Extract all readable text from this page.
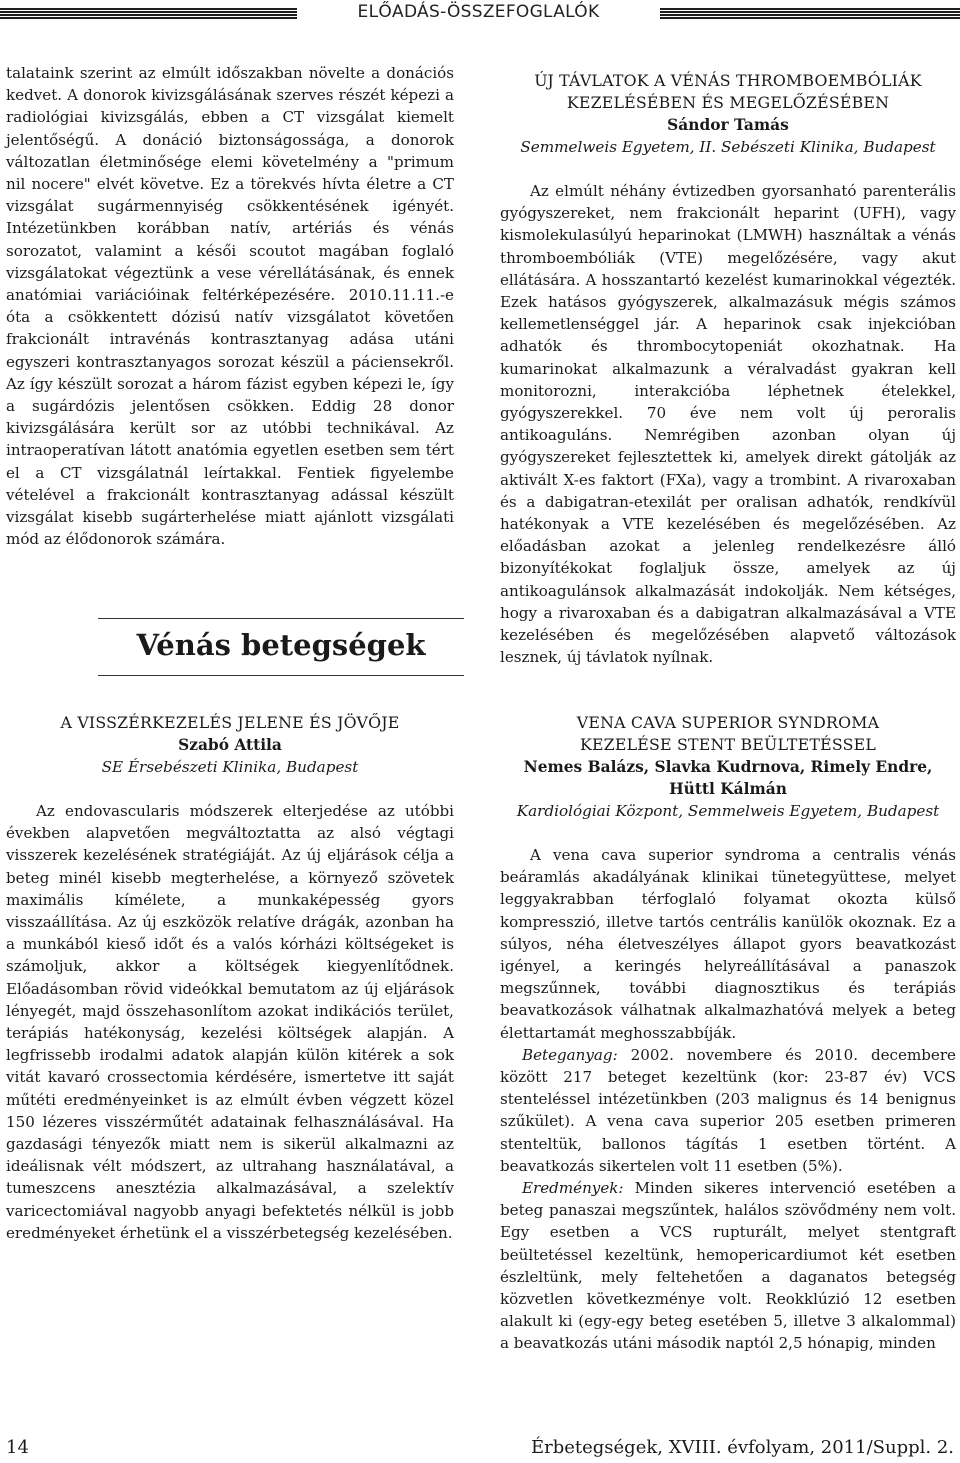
ELŐADÁS-ÖSSZEFOGLALÓK

talataink szerint az elmúlt időszakban növelte a donációs kedvet. A donorok kivizsgálásának szerves részét képezi a radiológiai kivizsgálás, ebben a CT vizsgálat kiemelt jelentőségű. A donáció biztonságossága, a donorok változatlan életminősége elemi követelmény a "primum nil nocere" elvét követve. Ez a törekvés hívta életre a CT vizsgálat sugármennyiség csökkentésének igényét. Intézetünkben korábban natív, artériás és vénás sorozatot, valamint a késői scoutot magában foglaló vizsgálatokat végeztünk a vese vérellátásának, és ennek anatómiai variációinak feltérképezésére. 2010.11.11.-e óta a csökkentett dózisú natív vizsgálatot követően frakcionált intravénás kontrasztanyag adása utáni egyszeri kontrasztanyagos sorozat készül a páciensekről. Az így készült sorozat a három fázist egyben képezi le, így a sugárdózis jelentősen csökken. Eddig 28 donor kivizsgálására került sor az utóbbi technikával. Az intraoperatívan látott anatómia egyetlen esetben sem tért el a CT vizsgálatnál leírtakkal. Fentiek figyelembe vételével a frakcionált kontrasztanyag adással készült vizsgálat kisebb sugárterhelése miatt ajánlott vizsgálati mód az élődonorok számára.

Vénás betegségek
A VISSZÉRKEZELÉS JELENE ÉS JÖVŐJE
Szabó Attila
SE Érsebészeti Klinika, Budapest

Az endovascularis módszerek elterjedése az utóbbi években alapvetően megváltoztatta az alsó végtagi visszerek kezelésének stratégiáját. Az új eljárások célja a beteg minél kisebb megterhelése, a környező szövetek maximális kímélete, a munkaképesség gyors visszaállítása. Az új eszközök relatíve drágák, azonban ha a munkából kieső időt és a valós kórházi költségeket is számoljuk, akkor a költségek kiegyenlítődnek. Előadásomban rövid videókkal bemutatom az új eljárások lényegét, majd összehasonlítom azokat indikációs terület, terápiás hatékonyság, kezelési költségek alapján. A legfrissebb irodalmi adatok alapján külön kitérek a sok vitát kavaró crossectomia kérdésére, ismertetve itt saját műtéti eredményeinket is az elmúlt évben végzett közel 150 lézeres visszérműtét adatainak felhasználásával. Ha gazdasági tényezők miatt nem is sikerül alkalmazni az ideálisnak vélt módszert, az ultrahang használatával, a tumeszcens anesztézia alkalmazásával, a szelektív varicectomiával nagyobb anyagi befektetés nélkül is jobb eredményeket érhetünk el a visszérbetegség kezelésében.

ÚJ TÁVLATOK A VÉNÁS THROMBOEMBÓLIÁK
KEZELÉSÉBEN ÉS MEGELŐZÉSÉBEN
Sándor Tamás
Semmelweis Egyetem, II. Sebészeti Klinika, Budapest

Az elmúlt néhány évtizedben gyorsanható parenterális gyógyszereket, nem frakcionált heparint (UFH), vagy kismolekulasúlyú heparinokat (LMWH) használtak a vénás thromboembóliák (VTE) megelőzésére, vagy akut ellátására. A hosszantartó kezelést kumarinokkal végezték. Ezek hatásos gyógyszerek, alkalmazásuk mégis számos kellemetlenséggel jár. A heparinok csak injekcióban adhatók és thrombocytopeniát okozhatnak. Ha kumarinokat alkalmazunk a véralvadást gyakran kell monitorozni, interakcióba léphetnek ételekkel, gyógyszerekkel. 70 éve nem volt új peroralis antikoaguláns. Nemrégiben azonban olyan új gyógyszereket fejlesztettek ki, amelyek direkt gátolják az aktivált X-es faktort (FXa), vagy a trombint. A rivaroxaban és a dabigatran-etexilát per oralisan adhatók, rendkívül hatékonyak a VTE kezelésében és megelőzésében. Az előadásban azokat a jelenleg rendelkezésre álló bizonyítékokat foglaljuk össze, amelyek az új antikoagulánsok alkalmazását indokolják. Nem kétséges, hogy a rivaroxaban és a dabigatran alkalmazásával a VTE kezelésében és megelőzésében alapvető változások lesznek, új távlatok nyílnak.

VENA CAVA SUPERIOR SYNDROMA
KEZELÉSE STENT BEÜLTETÉSSEL
Nemes Balázs, Slavka Kudrnova, Rimely Endre,
Hüttl Kálmán
Kardiológiai Központ, Semmelweis Egyetem, Budapest

A vena cava superior syndroma a centralis vénás beáramlás akadályának klinikai tünetegyüttese, melyet leggyakrabban térfoglaló folyamat okozta külső kompresszió, illetve tartós centrális kanülök okoznak. Ez a súlyos, néha életveszélyes állapot gyors beavatkozást igényel, a keringés helyreállításával a panaszok megszűnnek, további diagnosztikus és terápiás beavatkozások válhatnak alkalmazhatóvá melyek a beteg élettartamát meghosszabbíják.

Beteganyag: 2002. novembere és 2010. decembere között 217 beteget kezeltünk (kor: 23-87 év) VCS stenteléssel intézetünkben (203 malignus és 14 benignus szűkület). A vena cava superior 205 esetben primeren stenteltük, ballonos tágítás 1 esetben történt. A beavatkozás sikertelen volt 11 esetben (5%).

Eredmények: Minden sikeres intervenció esetében a beteg panaszai megszűntek, halálos szövődmény nem volt. Egy esetben a VCS rupturált, melyet stentgraft beültetéssel kezeltünk, hemopericardiumot két esetben észleltünk, mely feltehetően a daganatos betegség közvetlen következménye volt. Reokklúzió 12 esetben alakult ki (egy-egy beteg esetében 5, illetve 3 alkalommal) a beavatkozás utáni második naptól 2,5 hónapig, minden

14	Érbetegségek, XVIII. évfolyam, 2011/Suppl. 2.
